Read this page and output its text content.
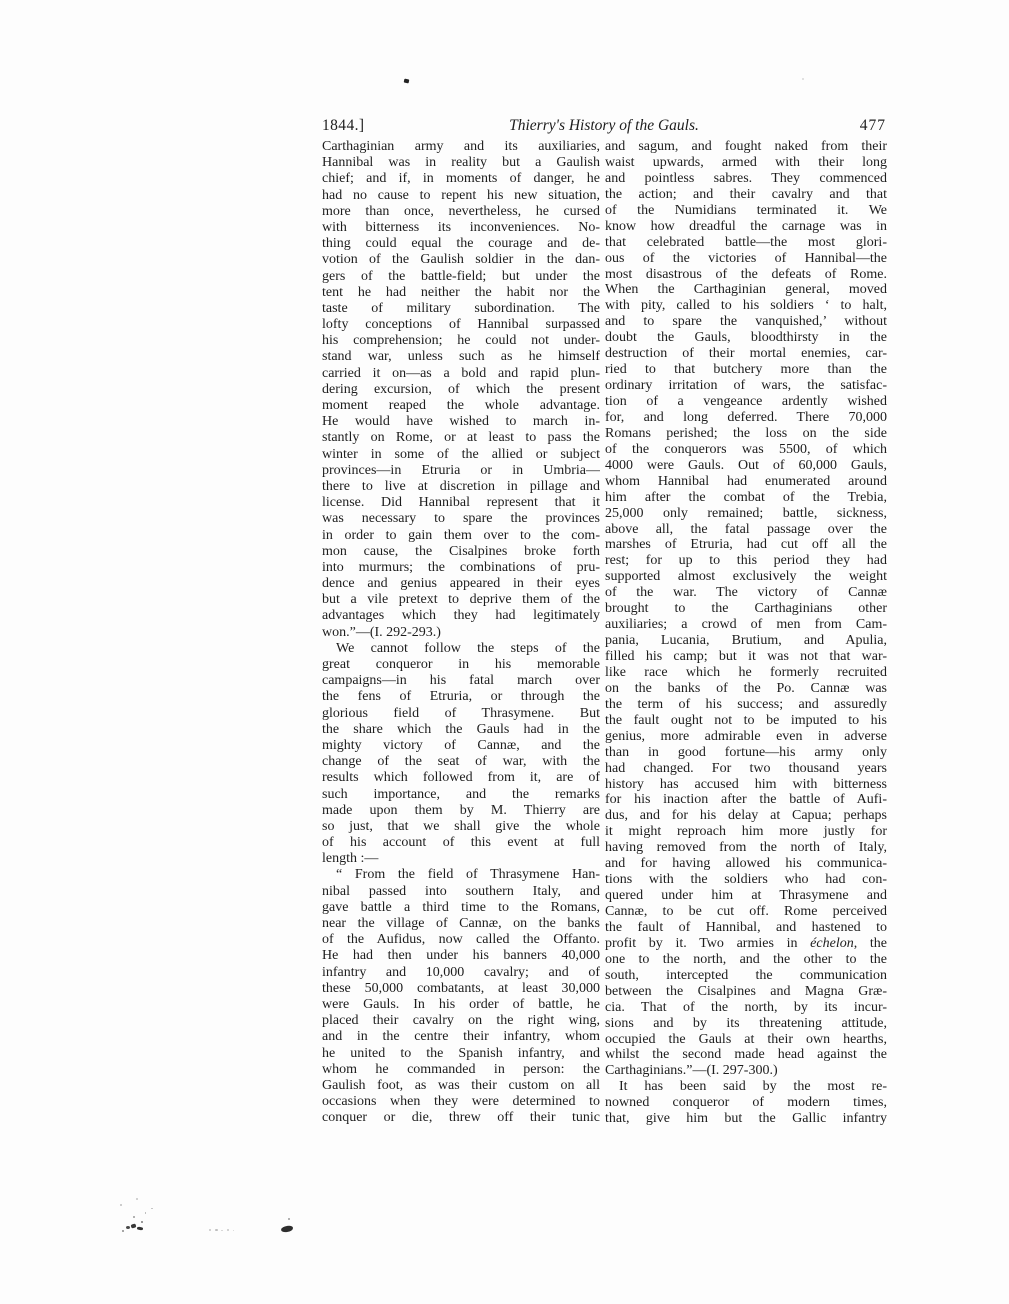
1844.]	Thierry's History of the Gauls.	477
Carthaginian army and its auxiliaries,
Hannibal was in reality but a Gaulish
chief; and if, in moments of danger, he
had no cause to repent his new situation,
more than once, nevertheless, he cursed
with bitterness its inconveniences. No-
thing could equal the courage and de-
votion of the Gaulish soldier in the dan-
gers of the battle-field; but under the
tent he had neither the habit nor the
taste of military subordination. The
lofty conceptions of Hannibal surpassed
his comprehension; he could not under-
stand war, unless such as he himself
carried it on—as a bold and rapid plun-
dering excursion, of which the present
moment reaped the whole advantage.
He would have wished to march in-
stantly on Rome, or at least to pass the
winter in some of the allied or subject
provinces—in Etruria or in Umbria—
there to live at discretion in pillage and
license. Did Hannibal represent that it
was necessary to spare the provinces
in order to gain them over to the com-
mon cause, the Cisalpines broke forth
into murmurs; the combinations of pru-
dence and genius appeared in their eyes
but a vile pretext to deprive them of the
advantages which they had legitimately
won.”—(I. 292-293.)
We cannot follow the steps of the
great conqueror in his memorable
campaigns—in his fatal march over
the fens of Etruria, or through the
glorious field of Thrasymene. But
the share which the Gauls had in the
mighty victory of Cannæ, and the
change of the seat of war, with the
results which followed from it, are of
such importance, and the remarks
made upon them by M. Thierry are
so just, that we shall give the whole
of his account of this event at full
length :—
“ From the field of Thrasymene Han-
nibal passed into southern Italy, and
gave battle a third time to the Romans,
near the village of Cannæ, on the banks
of the Aufidus, now called the Offanto.
He had then under his banners 40,000
infantry and 10,000 cavalry; and of
these 50,000 combatants, at least 30,000
were Gauls. In his order of battle, he
placed their cavalry on the right wing,
and in the centre their infantry, whom
he united to the Spanish infantry, and
whom he commanded in person: the
Gaulish foot, as was their custom on all
occasions when they were determined to
conquer or die, threw off their tunic
and sagum, and fought naked from their
waist upwards, armed with their long
and pointless sabres. They commenced
the action; and their cavalry and that
of the Numidians terminated it. We
know how dreadful the carnage was in
that celebrated battle—the most glori-
ous of the victories of Hannibal—the
most disastrous of the defeats of Rome.
When the Carthaginian general, moved
with pity, called to his soldiers ‘ to halt,
and to spare the vanquished,’ without
doubt the Gauls, bloodthirsty in the
destruction of their mortal enemies, car-
ried to that butchery more than the
ordinary irritation of wars, the satisfac-
tion of a vengeance ardently wished
for, and long deferred. There 70,000
Romans perished; the loss on the side
of the conquerors was 5500, of which
4000 were Gauls. Out of 60,000 Gauls,
whom Hannibal had enumerated around
him after the combat of the Trebia,
25,000 only remained; battle, sickness,
above all, the fatal passage over the
marshes of Etruria, had cut off all the
rest; for up to this period they had
supported almost exclusively the weight
of the war. The victory of Cannæ
brought to the Carthaginians other
auxiliaries; a crowd of men from Cam-
pania, Lucania, Brutium, and Apulia,
filled his camp; but it was not that war-
like race which he formerly recruited
on the banks of the Po. Cannæ was
the term of his success; and assuredly
the fault ought not to be imputed to his
genius, more admirable even in adverse
than in good fortune—his army only
had changed. For two thousand years
history has accused him with bitterness
for his inaction after the battle of Aufi-
dus, and for his delay at Capua; perhaps
it might reproach him more justly for
having removed from the north of Italy,
and for having allowed his communica-
tions with the soldiers who had con-
quered under him at Thrasymene and
Cannæ, to be cut off. Rome perceived
the fault of Hannibal, and hastened to
profit by it. Two armies in échelon, the
one to the north, and the other to the
south, intercepted the communication
between the Cisalpines and Magna Græ-
cia. That of the north, by its incur-
sions and by its threatening attitude,
occupied the Gauls at their own hearths,
whilst the second made head against the
Carthaginians.”—(I. 297-300.)
It has been said by the most re-
nowned conqueror of modern times,
that, give him but the Gallic infantry
